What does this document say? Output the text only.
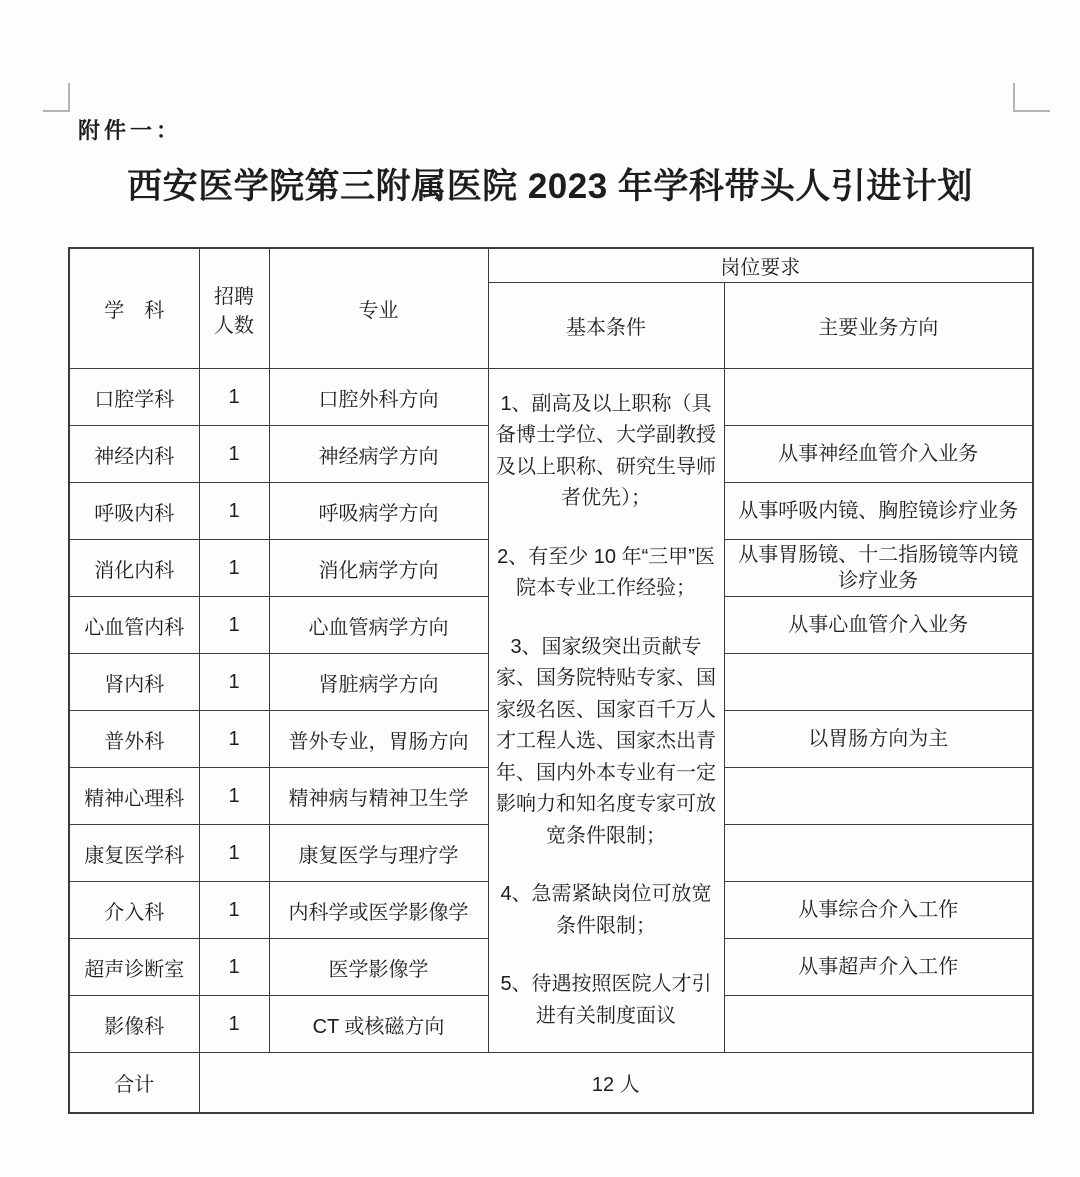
附件一：
西安医学院第三附属医院 2023 年学科带头人引进计划
学　科	招聘人数	专业	岗位要求	
			基本条件	主要业务方向
口腔学科	1	口腔外科方向	1、副高及以上职称（具备博士学位、大学副教授及以上职称、研究生导师者优先）；

2、有至少 10 年“三甲”医院本专业工作经验；

3、国家级突出贡献专家、国务院特贴专家、国家级名医、国家百千万人才工程人选、国家杰出青年、国内外本专业有一定影响力和知名度专家可放宽条件限制；

4、急需紧缺岗位可放宽条件限制；

5、待遇按照医院人才引进有关制度面议	

神经内科	1	神经病学方向		从事神经血管介入业务
呼吸内科	1	呼吸病学方向		从事呼吸内镜、胸腔镜诊疗业务
消化内科	1	消化病学方向		从事胃肠镜、十二指肠镜等内镜诊疗业务
心血管内科	1	心血管病学方向		从事心血管介入业务
肾内科	1	肾脏病学方向		
普外科	1	普外专业，胃肠方向		以胃肠方向为主
精神心理科	1	精神病与精神卫生学		
康复医学科	1	康复医学与理疗学		
介入科	1	内科学或医学影像学		从事综合介入工作
超声诊断室	1	医学影像学		从事超声介入工作
影像科	1	CT 或核磁方向		
合计	12 人			
